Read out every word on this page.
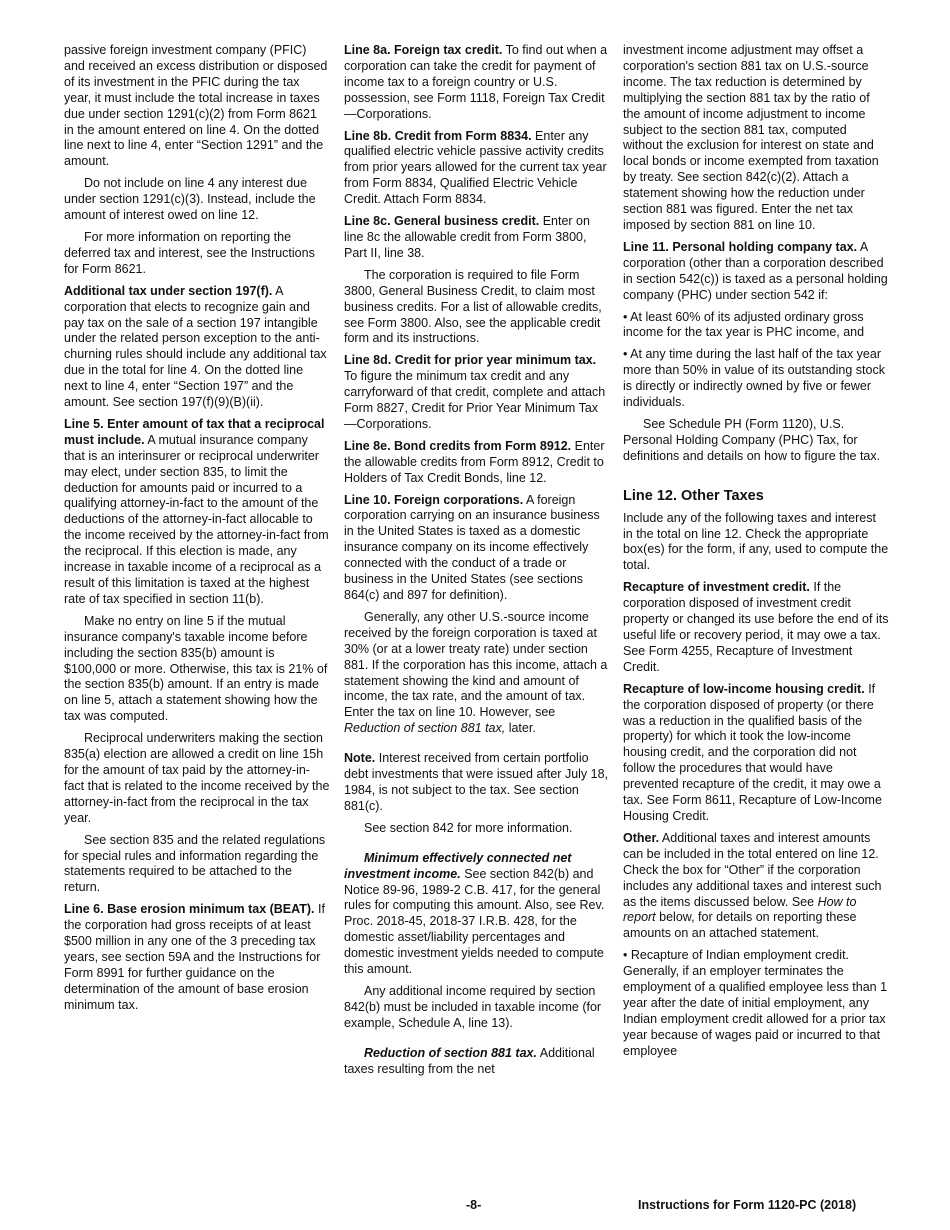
passive foreign investment company (PFIC) and received an excess distribution or disposed of its investment in the PFIC during the tax year, it must include the total increase in taxes due under section 1291(c)(2) from Form 8621 in the amount entered on line 4. On the dotted line next to line 4, enter “Section 1291” and the amount.

Do not include on line 4 any interest due under section 1291(c)(3). Instead, include the amount of interest owed on line 12.

For more information on reporting the deferred tax and interest, see the Instructions for Form 8621.

Additional tax under section 197(f). A corporation that elects to recognize gain and pay tax on the sale of a section 197 intangible under the related person exception to the anti-churning rules should include any additional tax due in the total for line 4. On the dotted line next to line 4, enter “Section 197” and the amount. See section 197(f)(9)(B)(ii).

Line 5. Enter amount of tax that a reciprocal must include. A mutual insurance company that is an interinsurer or reciprocal underwriter may elect, under section 835, to limit the deduction for amounts paid or incurred to a qualifying attorney-in-fact to the amount of the deductions of the attorney-in-fact allocable to the income received by the attorney-in-fact from the reciprocal. If this election is made, any increase in taxable income of a reciprocal as a result of this limitation is taxed at the highest rate of tax specified in section 11(b).

Make no entry on line 5 if the mutual insurance company's taxable income before including the section 835(b) amount is $100,000 or more. Otherwise, this tax is 21% of the section 835(b) amount. If an entry is made on line 5, attach a statement showing how the tax was computed.

Reciprocal underwriters making the section 835(a) election are allowed a credit on line 15h for the amount of tax paid by the attorney-in-fact that is related to the income received by the attorney-in-fact from the reciprocal in the tax year.

See section 835 and the related regulations for special rules and information regarding the statements required to be attached to the return.

Line 6. Base erosion minimum tax (BEAT). If the corporation had gross receipts of at least $500 million in any one of the 3 preceding tax years, see section 59A and the Instructions for Form 8991 for further guidance on the determination of the amount of base erosion minimum tax.

Line 8a. Foreign tax credit. To find out when a corporation can take the credit for payment of income tax to a foreign country or U.S. possession, see Form 1118, Foreign Tax Credit—Corporations.

Line 8b. Credit from Form 8834. Enter any qualified electric vehicle passive activity credits from prior years allowed for the current tax year from Form 8834, Qualified Electric Vehicle Credit. Attach Form 8834.

Line 8c. General business credit. Enter on line 8c the allowable credit from Form 3800, Part II, line 38.

The corporation is required to file Form 3800, General Business Credit, to claim most business credits. For a list of allowable credits, see Form 3800. Also, see the applicable credit form and its instructions.

Line 8d. Credit for prior year minimum tax. To figure the minimum tax credit and any carryforward of that credit, complete and attach Form 8827, Credit for Prior Year Minimum Tax—Corporations.

Line 8e. Bond credits from Form 8912. Enter the allowable credits from Form 8912, Credit to Holders of Tax Credit Bonds, line 12.

Line 10. Foreign corporations. A foreign corporation carrying on an insurance business in the United States is taxed as a domestic insurance company on its income effectively connected with the conduct of a trade or business in the United States (see sections 864(c) and 897 for definition).

Generally, any other U.S.-source income received by the foreign corporation is taxed at 30% (or at a lower treaty rate) under section 881. If the corporation has this income, attach a statement showing the kind and amount of income, the tax rate, and the amount of tax. Enter the tax on line 10. However, see Reduction of section 881 tax, later.

Note. Interest received from certain portfolio debt investments that were issued after July 18, 1984, is not subject to the tax. See section 881(c).

See section 842 for more information.

Minimum effectively connected net investment income. See section 842(b) and Notice 89-96, 1989-2 C.B. 417, for the general rules for computing this amount. Also, see Rev. Proc. 2018-45, 2018-37 I.R.B. 428, for the domestic asset/liability percentages and domestic investment yields needed to compute this amount.

Any additional income required by section 842(b) must be included in taxable income (for example, Schedule A, line 13).

Reduction of section 881 tax. Additional taxes resulting from the net

investment income adjustment may offset a corporation's section 881 tax on U.S.-source income. The tax reduction is determined by multiplying the section 881 tax by the ratio of the amount of income adjustment to income subject to the section 881 tax, computed without the exclusion for interest on state and local bonds or income exempted from taxation by treaty. See section 842(c)(2). Attach a statement showing how the reduction under section 881 was figured. Enter the net tax imposed by section 881 on line 10.

Line 11. Personal holding company tax. A corporation (other than a corporation described in section 542(c)) is taxed as a personal holding company (PHC) under section 542 if:

• At least 60% of its adjusted ordinary gross income for the tax year is PHC income, and

• At any time during the last half of the tax year more than 50% in value of its outstanding stock is directly or indirectly owned by five or fewer individuals.

See Schedule PH (Form 1120), U.S. Personal Holding Company (PHC) Tax, for definitions and details on how to figure the tax.

Line 12. Other Taxes

Include any of the following taxes and interest in the total on line 12. Check the appropriate box(es) for the form, if any, used to compute the total.

Recapture of investment credit. If the corporation disposed of investment credit property or changed its use before the end of its useful life or recovery period, it may owe a tax. See Form 4255, Recapture of Investment Credit.

Recapture of low-income housing credit. If the corporation disposed of property (or there was a reduction in the qualified basis of the property) for which it took the low-income housing credit, and the corporation did not follow the procedures that would have prevented recapture of the credit, it may owe a tax. See Form 8611, Recapture of Low-Income Housing Credit.

Other. Additional taxes and interest amounts can be included in the total entered on line 12. Check the box for “Other” if the corporation includes any additional taxes and interest such as the items discussed below. See How to report below, for details on reporting these amounts on an attached statement.

• Recapture of Indian employment credit. Generally, if an employer terminates the employment of a qualified employee less than 1 year after the date of initial employment, any Indian employment credit allowed for a prior tax year because of wages paid or incurred to that employee

-8-	Instructions for Form 1120-PC (2018)
